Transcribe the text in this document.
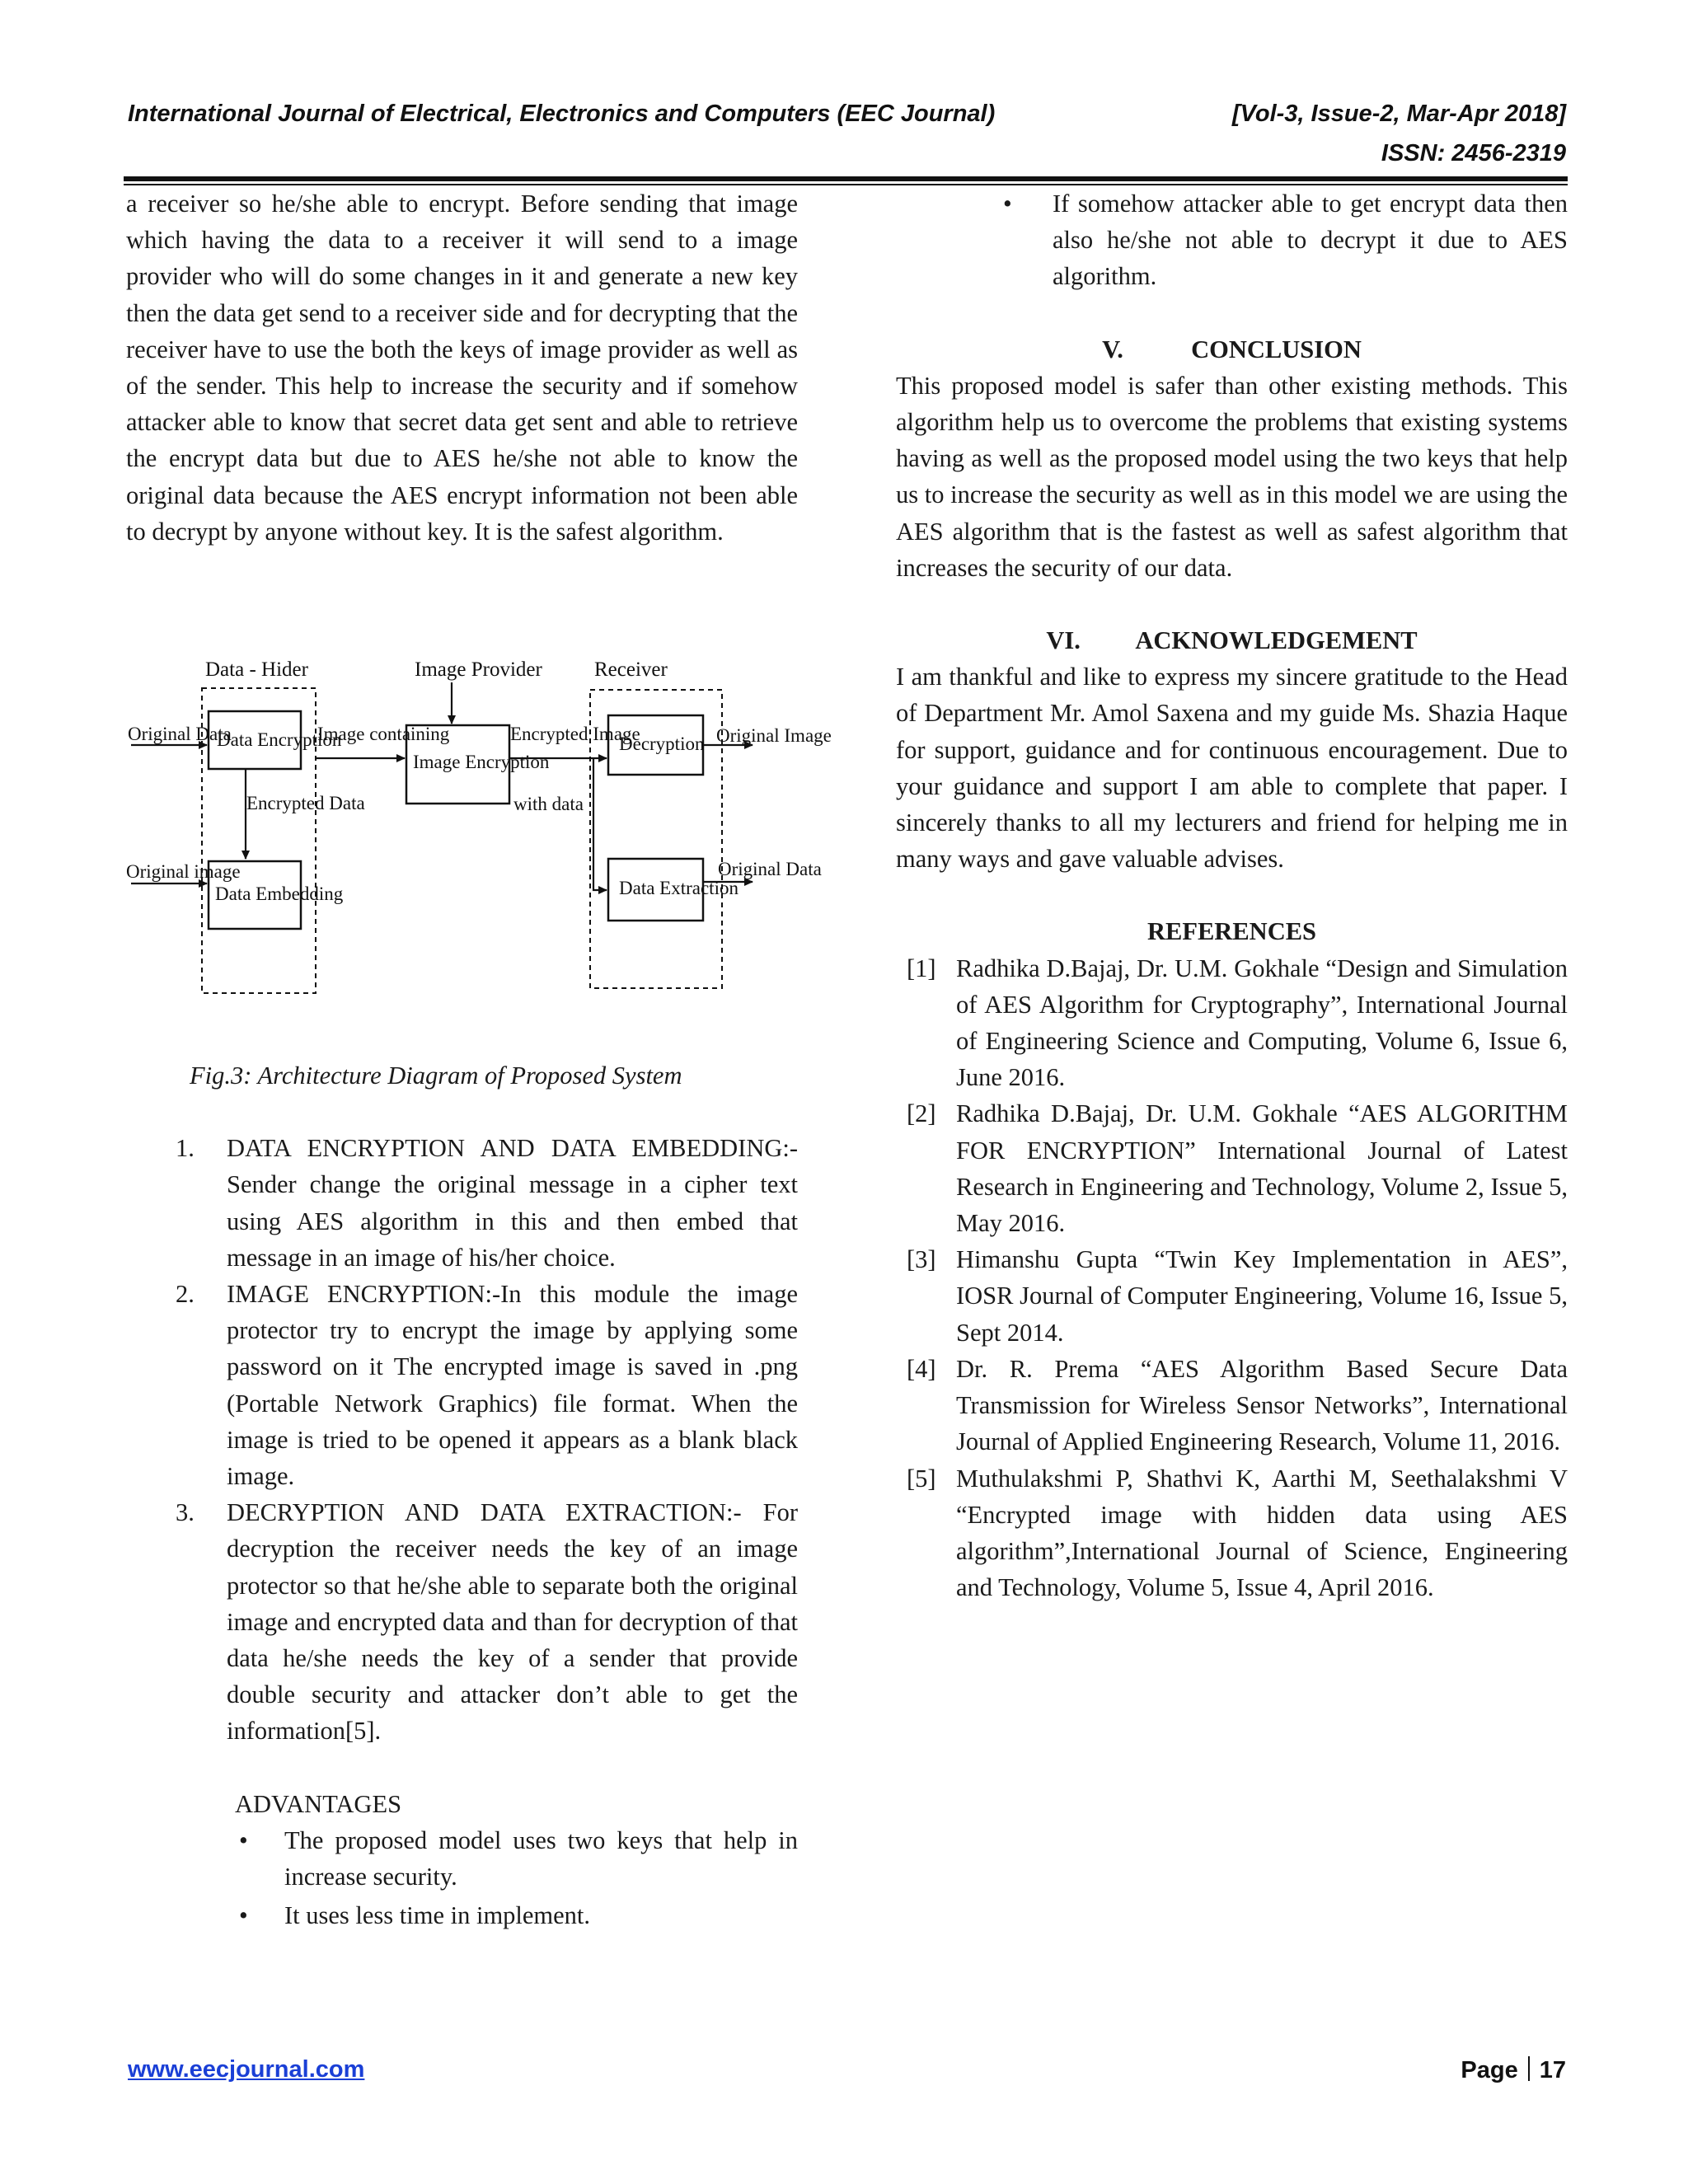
International Journal of Electrical, Electronics and Computers (EEC Journal)	[Vol-3, Issue-2, Mar-Apr 2018]
ISSN: 2456-2319

a receiver so he/she able to encrypt. Before sending that image which having the data to a receiver it will send to a image provider who will do some changes in it and generate a new key then the data get send to a receiver side and for decrypting that the receiver have to use the both the keys of image provider as well as of the sender. This help to increase the security and if somehow attacker able to know that secret data get sent and able to retrieve the encrypt data but due to AES he/she not able to know the original data because the AES encrypt information not been able to decrypt by anyone without key. It is the safest algorithm.

Data - Hider	Image Provider	Receiver
Data Encryption
Data Embedding
Image Encryption
Decryption
Data Extraction
Original Data
Original image
Encrypted Data
Image containing	Encrypted Image
with data
Original Image
Original Data

Fig.3: Architecture Diagram of Proposed System

1. DATA ENCRYPTION AND DATA EMBEDDING:-Sender change the original message in a cipher text using AES algorithm in this and then embed that message in an image of his/her choice.
2. IMAGE ENCRYPTION:-In this module the image protector try to encrypt the image by applying some password on it The encrypted image is saved in .png (Portable Network Graphics) file format. When the image is tried to be opened it appears as a blank black image.
3. DECRYPTION AND DATA EXTRACTION:- For decryption the receiver needs the key of an image protector so that he/she able to separate both the original image and encrypted data and than for decryption of that data he/she needs the key of a sender that provide double security and attacker don’t able to get the information[5].

ADVANTAGES

• The proposed model uses two keys that help in increase security.
• It uses less time in implement.
• If somehow attacker able to get encrypt data then also he/she not able to decrypt it due to AES algorithm.

V.	CONCLUSION

This proposed model is safer than other existing methods. This algorithm help us to overcome the problems that existing systems having as well as the proposed model using the two keys that help us to increase the security as well as in this model we are using the AES algorithm that is the fastest as well as safest algorithm that increases the security of our data.

VI. ACKNOWLEDGEMENT

I am thankful and like to express my sincere gratitude to the Head of Department Mr. Amol Saxena and my guide Ms. Shazia Haque for support, guidance and for continuous encouragement. Due to your guidance and support I am able to complete that paper. I sincerely thanks to all my lecturers and friend for helping me in many ways and gave valuable advises.

REFERENCES

[1] Radhika D.Bajaj, Dr. U.M. Gokhale “Design and Simulation of AES Algorithm for Cryptography”, International Journal of Engineering Science and Computing, Volume 6, Issue 6, June 2016.
[2] Radhika D.Bajaj, Dr. U.M. Gokhale “AES ALGORITHM FOR ENCRYPTION” International Journal of Latest Research in Engineering and Technology, Volume 2, Issue 5, May 2016.
[3] Himanshu Gupta “Twin Key Implementation in AES”, IOSR Journal of Computer Engineering, Volume 16, Issue 5, Sept 2014.
[4] Dr. R. Prema “AES Algorithm Based Secure Data Transmission for Wireless Sensor Networks”, International Journal of Applied Engineering Research, Volume 11, 2016.
[5] Muthulakshmi P, Shathvi K, Aarthi M, Seethalakshmi V “Encrypted image with hidden data using AES algorithm”,International Journal of Science, Engineering and Technology, Volume 5, Issue 4, April 2016.
www.eecjournal.com	Page 17
